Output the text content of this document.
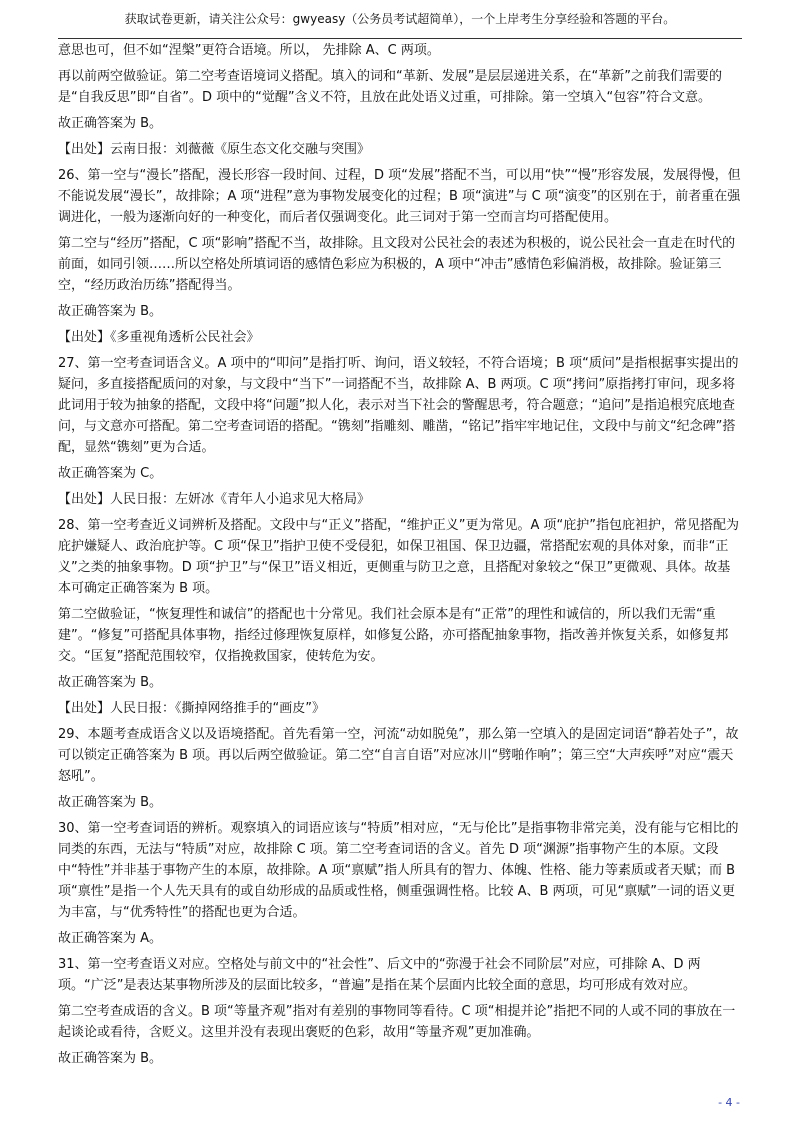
获取试卷更新，请关注公众号：gwyeasy（公务员考试超简单），一个上岸考生分享经验和答题的平台。

意思也可，但不如“涅槃”更符合语境。所以， 先排除 A、C 两项。

再以前两空做验证。第二空考查语境词义搭配。填入的词和“革新、发展”是层层递进关系，在“革新”之前我们需要的是“自我反思”即“自省”。D 项中的“觉醒”含义不符，且放在此处语义过重，可排除。第一空填入“包容”符合文意。

故正确答案为 B。

【出处】云南日报：刘薇薇《原生态文化交融与突围》

26、第一空与“漫长”搭配，漫长形容一段时间、过程，D 项“发展”搭配不当，可以用“快”“慢”形容发展，发展得慢，但不能说发展“漫长”，故排除；A 项“进程”意为事物发展变化的过程；B 项“演进”与 C 项“演变”的区别在于，前者重在强调进化，一般为逐渐向好的一种变化，而后者仅强调变化。此三词对于第一空而言均可搭配使用。

第二空与“经历”搭配，C 项“影响”搭配不当，故排除。且文段对公民社会的表述为积极的，说公民社会一直走在时代的前面，如同引领……所以空格处所填词语的感情色彩应为积极的，A 项中“冲击”感情色彩偏消极，故排除。验证第三空，“经历政治历练”搭配得当。

故正确答案为 B。

【出处】《多重视角透析公民社会》

27、第一空考查词语含义。A 项中的“叩问”是指打听、询问，语义较轻，不符合语境；B 项“质问”是指根据事实提出的疑问，多直接搭配质问的对象，与文段中“当下”一词搭配不当，故排除 A、B 两项。C 项“拷问”原指拷打审问，现多将此词用于较为抽象的搭配，文段中将“问题”拟人化，表示对当下社会的警醒思考，符合题意；“追问”是指追根究底地查问，与文意亦可搭配。第二空考查词语的搭配。“镌刻”指雕刻、雕凿，“铭记”指牢牢地记住，文段中与前文“纪念碑”搭配，显然“镌刻”更为合适。

故正确答案为 C。

【出处】人民日报：左妍冰《青年人小追求见大格局》

28、第一空考查近义词辨析及搭配。文段中与“正义”搭配，“维护正义”更为常见。A 项“庇护”指包庇袒护，常见搭配为庇护嫌疑人、政治庇护等。C 项“保卫”指护卫使不受侵犯，如保卫祖国、保卫边疆，常搭配宏观的具体对象，而非“正义”之类的抽象事物。D 项“护卫”与“保卫”语义相近，更侧重与防卫之意，且搭配对象较之“保卫”更微观、具体。故基本可确定正确答案为 B 项。

第二空做验证，“恢复理性和诚信”的搭配也十分常见。我们社会原本是有“正常”的理性和诚信的，所以我们无需“重建”。“修复”可搭配具体事物，指经过修理恢复原样，如修复公路，亦可搭配抽象事物，指改善并恢复关系，如修复邦交。“匡复”搭配范围较窄，仅指挽救国家，使转危为安。

故正确答案为 B。

【出处】人民日报：《撕掉网络推手的“画皮”》

29、本题考查成语含义以及语境搭配。首先看第一空，河流“动如脱兔”，那么第一空填入的是固定词语“静若处子”，故可以锁定正确答案为 B 项。再以后两空做验证。第二空“自言自语”对应冰川“劈啪作响”；第三空“大声疾呼”对应“震天怒吼”。

故正确答案为 B。

30、第一空考查词语的辨析。观察填入的词语应该与“特质”相对应，“无与伦比”是指事物非常完美，没有能与它相比的同类的东西，无法与“特质”对应，故排除 C 项。第二空考查词语的含义。首先 D 项“渊源”指事物产生的本原。文段中“特性”并非基于事物产生的本原，故排除。A 项“禀赋”指人所具有的智力、体魄、性格、能力等素质或者天赋；而 B 项“禀性”是指一个人先天具有的或自幼形成的品质或性格，侧重强调性格。比较 A、B 两项，可见“禀赋”一词的语义更为丰富，与“优秀特性”的搭配也更为合适。

故正确答案为 A。

31、第一空考查语义对应。空格处与前文中的“社会性”、后文中的“弥漫于社会不同阶层”对应，可排除 A、D 两项。“广泛”是表达某事物所涉及的层面比较多，“普遍”是指在某个层面内比较全面的意思，均可形成有效对应。

第二空考查成语的含义。B 项“等量齐观”指对有差别的事物同等看待。C 项“相提并论”指把不同的人或不同的事放在一起谈论或看待，含贬义。这里并没有表现出褒贬的色彩，故用“等量齐观”更加准确。

故正确答案为 B。

- 4 -
